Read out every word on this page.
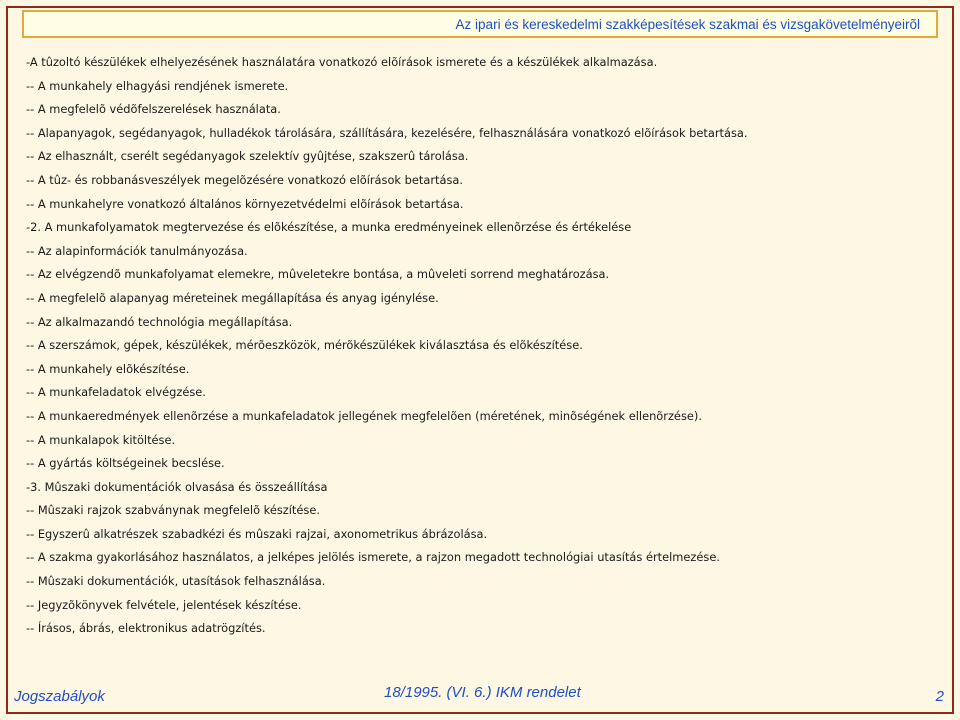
Az ipari és kereskedelmi szakképesítések szakmai és vizsgakövetelményeirõl
-A tûzoltó készülékek elhelyezésének használatára vonatkozó elõírások ismerete és a készülékek alkalmazása.
-- A munkahely elhagyási rendjének ismerete.
-- A megfelelõ védõfelszerelések használata.
-- Alapanyagok, segédanyagok, hulladékok tárolására, szállítására, kezelésére, felhasználására vonatkozó elõírások betartása.
-- Az elhasznált, cserélt segédanyagok szelektív gyûjtése, szakszerû tárolása.
-- A tûz- és robbanásveszélyek megelõzésére vonatkozó elõírások betartása.
-- A munkahelyre vonatkozó általános környezetvédelmi elõírások betartása.
-2. A munkafolyamatok megtervezése és elõkészítése, a munka eredményeinek ellenõrzése és értékelése
-- Az alapinformációk tanulmányozása.
-- Az elvégzendõ munkafolyamat elemekre, mûveletekre bontása, a mûveleti sorrend meghatározása.
-- A megfelelõ alapanyag méreteinek megállapítása és anyag igénylése.
-- Az alkalmazandó technológia megállapítása.
-- A szerszámok, gépek, készülékek, mérõeszközök, mérõkészülékek kiválasztása és elõkészítése.
-- A munkahely elõkészítése.
-- A munkafeladatok elvégzése.
-- A munkaeredmények ellenõrzése a munkafeladatok jellegének megfelelõen (méretének, minõségének ellenõrzése).
-- A munkalapok kitöltése.
-- A gyártás költségeinek becslése.
-3. Mûszaki dokumentációk olvasása és összeállítása
-- Mûszaki rajzok szabványnak megfelelõ készítése.
-- Egyszerû alkatrészek szabadkézi és mûszaki rajzai, axonometrikus ábrázolása.
-- A szakma gyakorlásához használatos, a jelképes jelölés ismerete, a rajzon megadott technológiai utasítás értelmezése.
-- Mûszaki dokumentációk, utasítások felhasználása.
-- Jegyzõkönyvek felvétele, jelentések készítése.
-- Írásos, ábrás, elektronikus adatrögzítés.
Jogszabályok	18/1995. (VI. 6.) IKM rendelet	2
